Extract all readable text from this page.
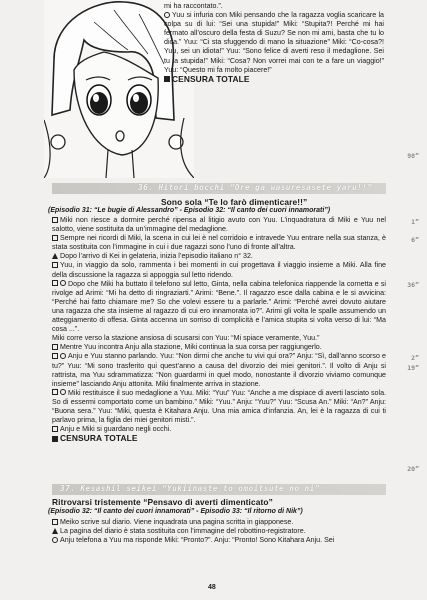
mi ha raccontato.”.

Yuu si infuria con Miki pensando che la ragazza voglia scaricare la colpa su di lui: “Sei una stupida!” Miki: “Stupita?! Perché mi hai fermato all’oscuro della festa di Suzu? Se non mi ami, basta che tu lo dica.” Yuu: “Ci sta sfuggendo di mano la situazione” Miki: “Co-cosa?! Yuu, sei un idiota!” Yuu: “Sono felice di averti reso il medaglione. Sei tu la stupida!” Miki: “Cosa? Non vorrei mai con te a fare un viaggio!” Yuu: “Questo mi fa molto piacere!”

CENSURA TOTALE

98”
36. Hitori bocchi “Ore ga wasuresasete yaru!!”
Sono sola “Te lo farò dimenticare!!”
(Episodio 31: “Le bugie di Alessandro” - Episodio 32: “Il canto dei cuori innamorati”)

Miki non riesce a dormire perché ripensa al litigio avuto con Yuu. L’inquadratura di Miki e Yuu nel salotto, viene sostituita da un’immagine del medaglione.

Sempre nei ricordi di Miki, la scena in cui lei è nel corridoio e intravede Yuu entrare nella sua stanza, è stata sostituita con l’immagine in cui i due ragazzi sono l’uno di fronte all’altra.

Dopo l’arrivo di Kei in gelateria, inizia l’episodio italiano n° 32.

Yuu, in viaggio da solo, rammenta i bei momenti in cui progettava il viaggio insieme a Miki. Alla fine della discussione la ragazza si appoggia sul letto ridendo.

Dopo che Miki ha buttato il telefono sul letto, Ginta, nella cabina telefonica riappende la cornetta e si rivolge ad Arimi: “Mi ha detto di ringraziarti.” Arimi: “Bene.”. Il ragazzo esce dalla cabina e le si avvicina: “Perché hai fatto chiamare me? So che volevi essere tu a parlarle.” Arimi: “Perché avrei dovuto aiutare una ragazza che sta insieme al ragazzo di cui ero innamorata io?”. Arimi gli volta le spalle assumendo un atteggiamento di offesa. Ginta accenna un sorriso di complicità e l’amica stupita si volta verso di lui: “Ma cosa ...”.

Miki corre verso la stazione ansiosa di scusarsi con Yuu: “Mi spiace veramente, Yuu.”

Mentre Yuu incontra Anju alla stazione, Miki continua la sua corsa per raggiungerlo.

Anju e Yuu stanno parlando. Yuu: “Non dirmi che anche tu vivi qui ora?” Anju: “Sì, dall’anno scorso e tu?” Yuu: “Mi sono trasferito qui quest’anno a causa del divorzio dei miei genitori.”. Il volto di Anju si rattrista, ma Yuu sdrammatizza: “Non guardarmi in quel modo, nonostante il divorzio viviamo comunque insieme” lasciando Anju attonita. Miki finalmente arriva in stazione.

Miki restituisce il suo medaglione a Yuu. Miki: “Yuu” Yuu: “Anche a me dispiace di averti lasciato sola. So di essermi comportato come un bambino.” Miki: “Yuu.” Anju: “Yuu?” Yuu: “Scusa An.” Miki: “An?” Anju: “Buona sera.” Yuu: “Miki, questa è Kitahara Anju. Una mia amica d’infanzia. An, lei è la ragazza di cui ti parlavo prima, la figlia dei miei genitori misti.”.

Anju e Miki si guardano negli occhi.

CENSURA TOTALE

1”
6”
36”
2”
19”
20”
37. Kesashil seikei “Yukiinaste to omoitsute no ni”
Ritrovarsi tristemente “Pensavo di averti dimenticato”
(Episodio 32: “Il canto dei cuori innamorati” - Episodio 33: “Il ritorno di Nik”)

Meiko scrive sul diario. Viene inquadrata una pagina scritta in giapponese.

La pagina del diario è stata sostituita con l’immagine del robottino-registratore.

Anju telefona a Yuu ma risponde Miki: “Pronto?”. Anju: “Pronto! Sono Kitahara Anju. Sei

48
